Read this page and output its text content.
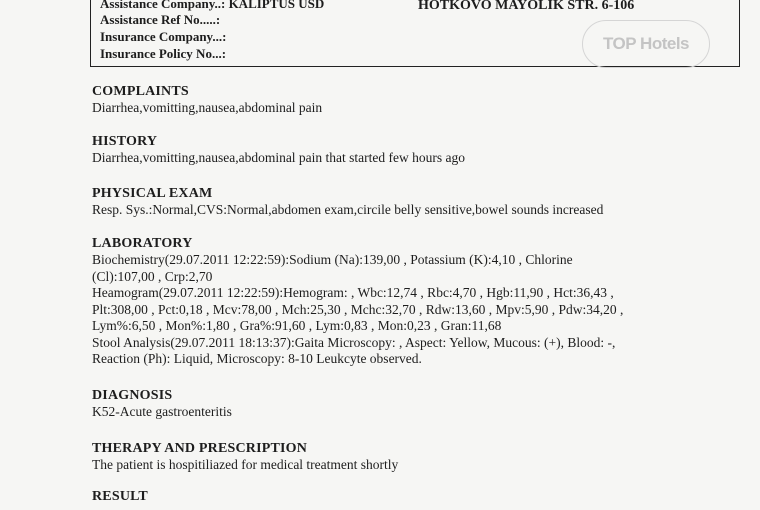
Assistance Company..: KALIPTUS USD
Assistance Ref No.....:
Insurance Company...:
Insurance Policy No...:
HOTKOVO MAYOLIK STR. 6-106
TOP Hotels

COMPLAINTS

Diarrhea,vomitting,nausea,abdominal pain

HISTORY

Diarrhea,vomitting,nausea,abdominal pain that started few hours ago

PHYSICAL EXAM

Resp. Sys.:Normal,CVS:Normal,abdomen exam,circile belly sensitive,bowel sounds increased

LABORATORY

Biochemistry(29.07.2011 12:22:59):Sodium (Na):139,00 , Potassium (K):4,10 , Chlorine

(Cl):107,00 , Crp:2,70

Heamogram(29.07.2011 12:22:59):Hemogram: , Wbc:12,74 , Rbc:4,70 , Hgb:11,90 , Hct:36,43 ,

Plt:308,00 , Pct:0,18 , Mcv:78,00 , Mch:25,30 , Mchc:32,70 , Rdw:13,60 , Mpv:5,90 , Pdw:34,20 ,

Lym%:6,50 , Mon%:1,80 , Gra%:91,60 , Lym:0,83 , Mon:0,23 , Gran:11,68

Stool Analysis(29.07.2011 18:13:37):Gaita Microscopy: , Aspect: Yellow, Mucous: (+), Blood: -,

Reaction (Ph): Liquid, Microscopy: 8-10 Leukcyte observed.

DIAGNOSIS

K52-Acute gastroenteritis

THERAPY AND PRESCRIPTION

The patient is hospitiliazed for medical treatment shortly

RESULT
